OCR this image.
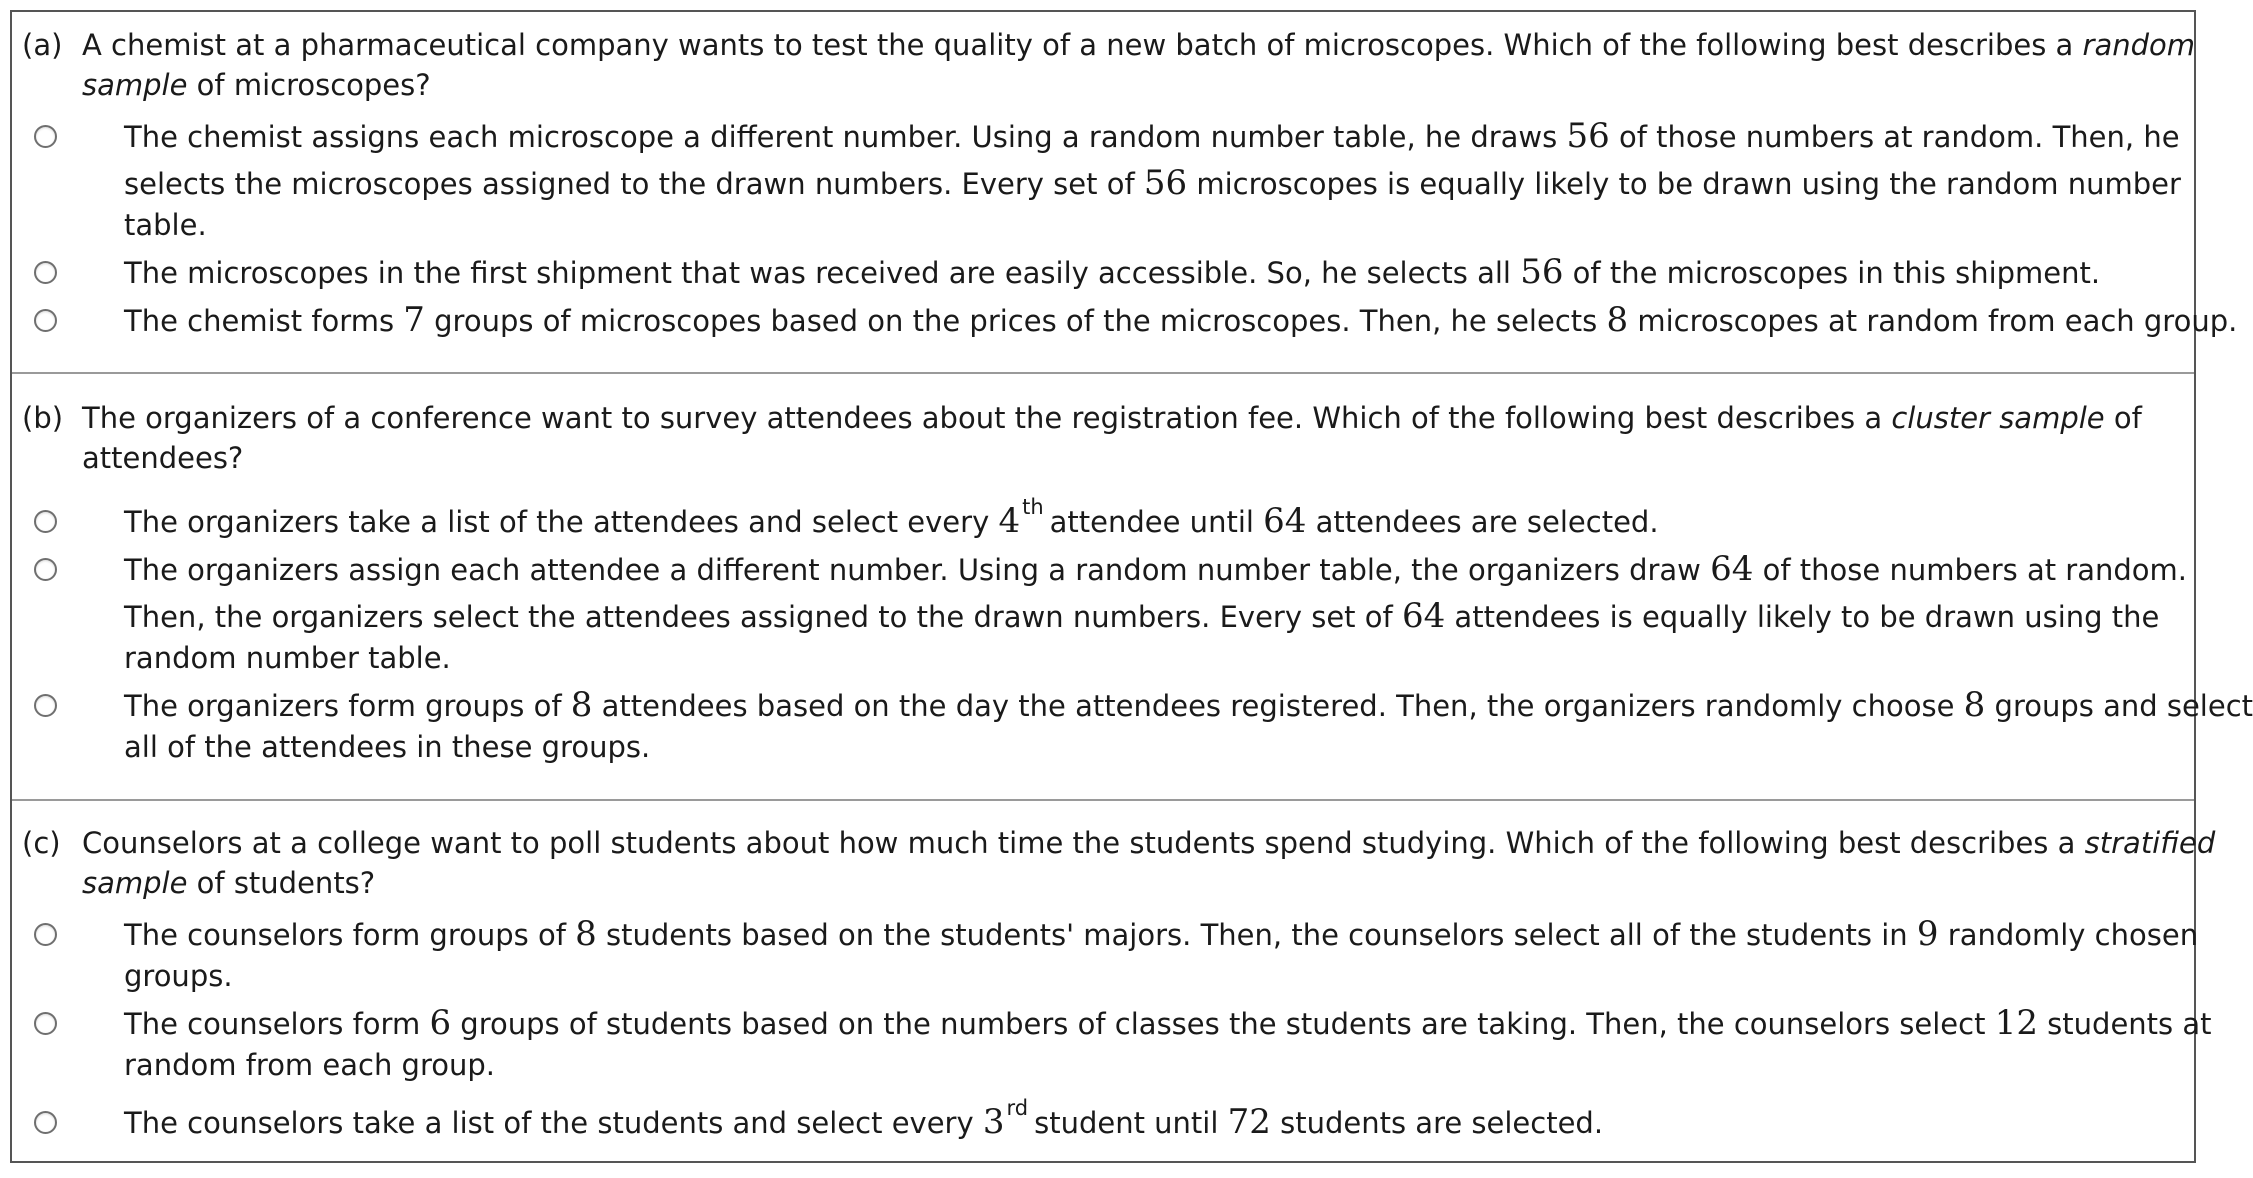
(a) A chemist at a pharmaceutical company wants to test the quality of a new batch of microscopes. Which of the following best describes a random
sample of microscopes?
The chemist assigns each microscope a different number. Using a random number table, he draws 56 of those numbers at random. Then, he
selects the microscopes assigned to the drawn numbers. Every set of 56 microscopes is equally likely to be drawn using the random number
table.
The microscopes in the first shipment that was received are easily accessible. So, he selects all 56 of the microscopes in this shipment.
The chemist forms 7 groups of microscopes based on the prices of the microscopes. Then, he selects 8 microscopes at random from each group.
(b) The organizers of a conference want to survey attendees about the registration fee. Which of the following best describes a cluster sample of
attendees?
The organizers take a list of the attendees and select every 4th attendee until 64 attendees are selected.
The organizers assign each attendee a different number. Using a random number table, the organizers draw 64 of those numbers at random.
Then, the organizers select the attendees assigned to the drawn numbers. Every set of 64 attendees is equally likely to be drawn using the
random number table.
The organizers form groups of 8 attendees based on the day the attendees registered. Then, the organizers randomly choose 8 groups and select
all of the attendees in these groups.
(c) Counselors at a college want to poll students about how much time the students spend studying. Which of the following best describes a stratified
sample of students?
The counselors form groups of 8 students based on the students' majors. Then, the counselors select all of the students in 9 randomly chosen
groups.
The counselors form 6 groups of students based on the numbers of classes the students are taking. Then, the counselors select 12 students at
random from each group.
The counselors take a list of the students and select every 3rd student until 72 students are selected.
